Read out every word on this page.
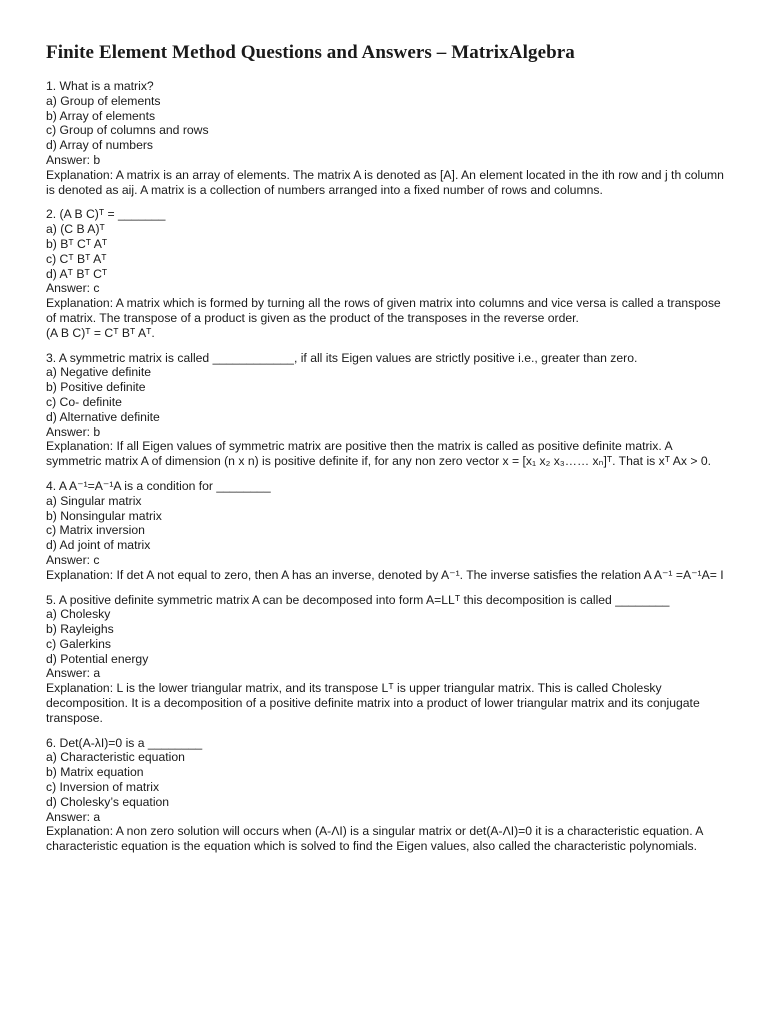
Finite Element Method Questions and Answers – MatrixAlgebra
1. What is a matrix?
a) Group of elements
b) Array of elements
c) Group of columns and rows
d) Array of numbers
Answer: b
Explanation: A matrix is an array of elements. The matrix A is denoted as [A]. An element located in the ith row and j th column is denoted as aij. A matrix is a collection of numbers arranged into a fixed number of rows and columns.
2. (A B C)ᵀ = _______
a) (C B A)ᵀ
b) Bᵀ Cᵀ Aᵀ
c) Cᵀ Bᵀ Aᵀ
d) Aᵀ Bᵀ Cᵀ
Answer: c
Explanation: A matrix which is formed by turning all the rows of given matrix into columns and vice versa is called a transpose of matrix. The transpose of a product is given as the product of the transposes in the reverse order.
(A B C)ᵀ = Cᵀ Bᵀ Aᵀ.
3. A symmetric matrix is called ____________, if all its Eigen values are strictly positive i.e., greater than zero.
a) Negative definite
b) Positive definite
c) Co- definite
d) Alternative definite
Answer: b
Explanation: If all Eigen values of symmetric matrix are positive then the matrix is called as positive definite matrix. A symmetric matrix A of dimension (n x n) is positive definite if, for any non zero vector x = [x₁ x₂ x₃…… xₙ]ᵀ. That is xᵀ Ax > 0.
4. A A⁻¹=A⁻¹A is a condition for ________
a) Singular matrix
b) Nonsingular matrix
c) Matrix inversion
d) Ad joint of matrix
Answer: c
Explanation: If det A not equal to zero, then A has an inverse, denoted by A⁻¹. The inverse satisfies the relation A A⁻¹ =A⁻¹A= I
5. A positive definite symmetric matrix A can be decomposed into form A=LLᵀ this decomposition is called ________
a) Cholesky
b) Rayleighs
c) Galerkins
d) Potential energy
Answer: a
Explanation: L is the lower triangular matrix, and its transpose Lᵀ is upper triangular matrix. This is called Cholesky decomposition. It is a decomposition of a positive definite matrix into a product of lower triangular matrix and its conjugate transpose.
6. Det(A-λI)=0 is a ________
a) Characteristic equation
b) Matrix equation
c) Inversion of matrix
d) Cholesky’s equation
Answer: a
Explanation: A non zero solution will occurs when (A-ΛI) is a singular matrix or det(A-ΛI)=0 it is a characteristic equation. A characteristic equation is the equation which is solved to find the Eigen values, also called the characteristic polynomials.
